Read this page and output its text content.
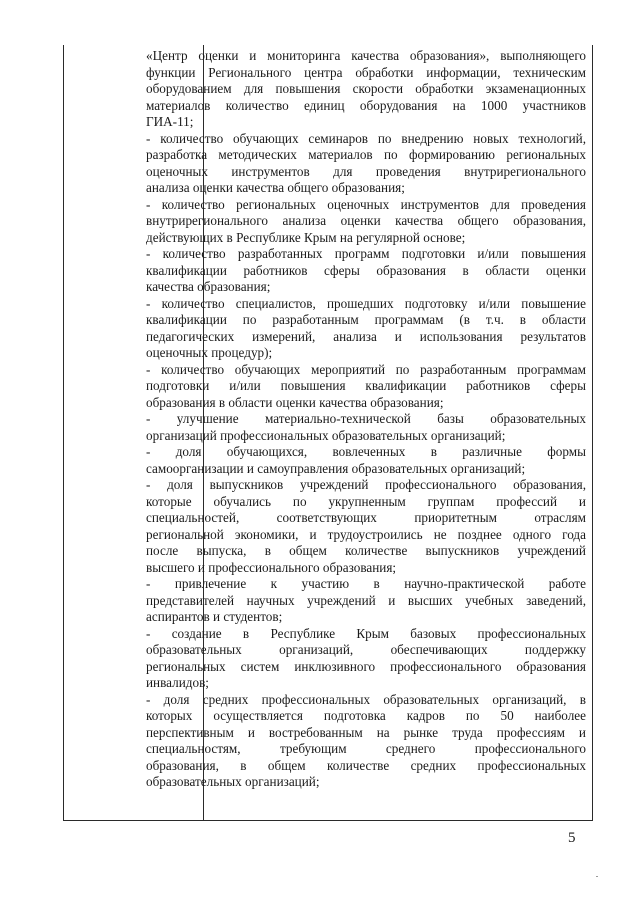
«Центр оценки и мониторинга качества образования», выполняющего
функции Регионального центра обработки информации, техническим
оборудованием для повышения скорости обработки экзаменационных
материалов количество единиц оборудования на 1000 участников
ГИА-11;
- количество обучающих семинаров по внедрению новых технологий,
разработка методических материалов по формированию региональных
оценочных инструментов для проведения внутрирегионального
анализа оценки качества общего образования;
- количество региональных оценочных инструментов для проведения
внутрирегионального анализа оценки качества общего образования,
действующих в Республике Крым на регулярной основе;
- количество разработанных программ подготовки и/или повышения
квалификации работников сферы образования в области оценки
качества образования;
- количество специалистов, прошедших подготовку и/или повышение
квалификации по разработанным программам (в т.ч. в области
педагогических измерений, анализа и использования результатов
оценочных процедур);
- количество обучающих мероприятий по разработанным программам
подготовки и/или повышения квалификации работников сферы
образования в области оценки качества образования;
- улучшение материально-технической базы образовательных
организаций профессиональных образовательных организаций;
- доля обучающихся, вовлеченных в различные формы
самоорганизации и самоуправления образовательных организаций;
- доля выпускников учреждений профессионального образования,
которые обучались по укрупненным группам профессий и
специальностей, соответствующих приоритетным отраслям
региональной экономики, и трудоустроились не позднее одного года
после выпуска, в общем количестве выпускников учреждений
высшего и профессионального образования;
- привлечение к участию в научно-практической работе
представителей научных учреждений и высших учебных заведений,
аспирантов и студентов;
- создание в Республике Крым базовых профессиональных
образовательных организаций, обеспечивающих поддержку
региональных систем инклюзивного профессионального образования
инвалидов;
- доля средних профессиональных образовательных организаций, в
которых осуществляется подготовка кадров по 50 наиболее
перспективным и востребованным на рынке труда профессиям и
специальностям, требующим среднего профессионального
образования, в общем количестве средних профессиональных
образовательных организаций;
5
